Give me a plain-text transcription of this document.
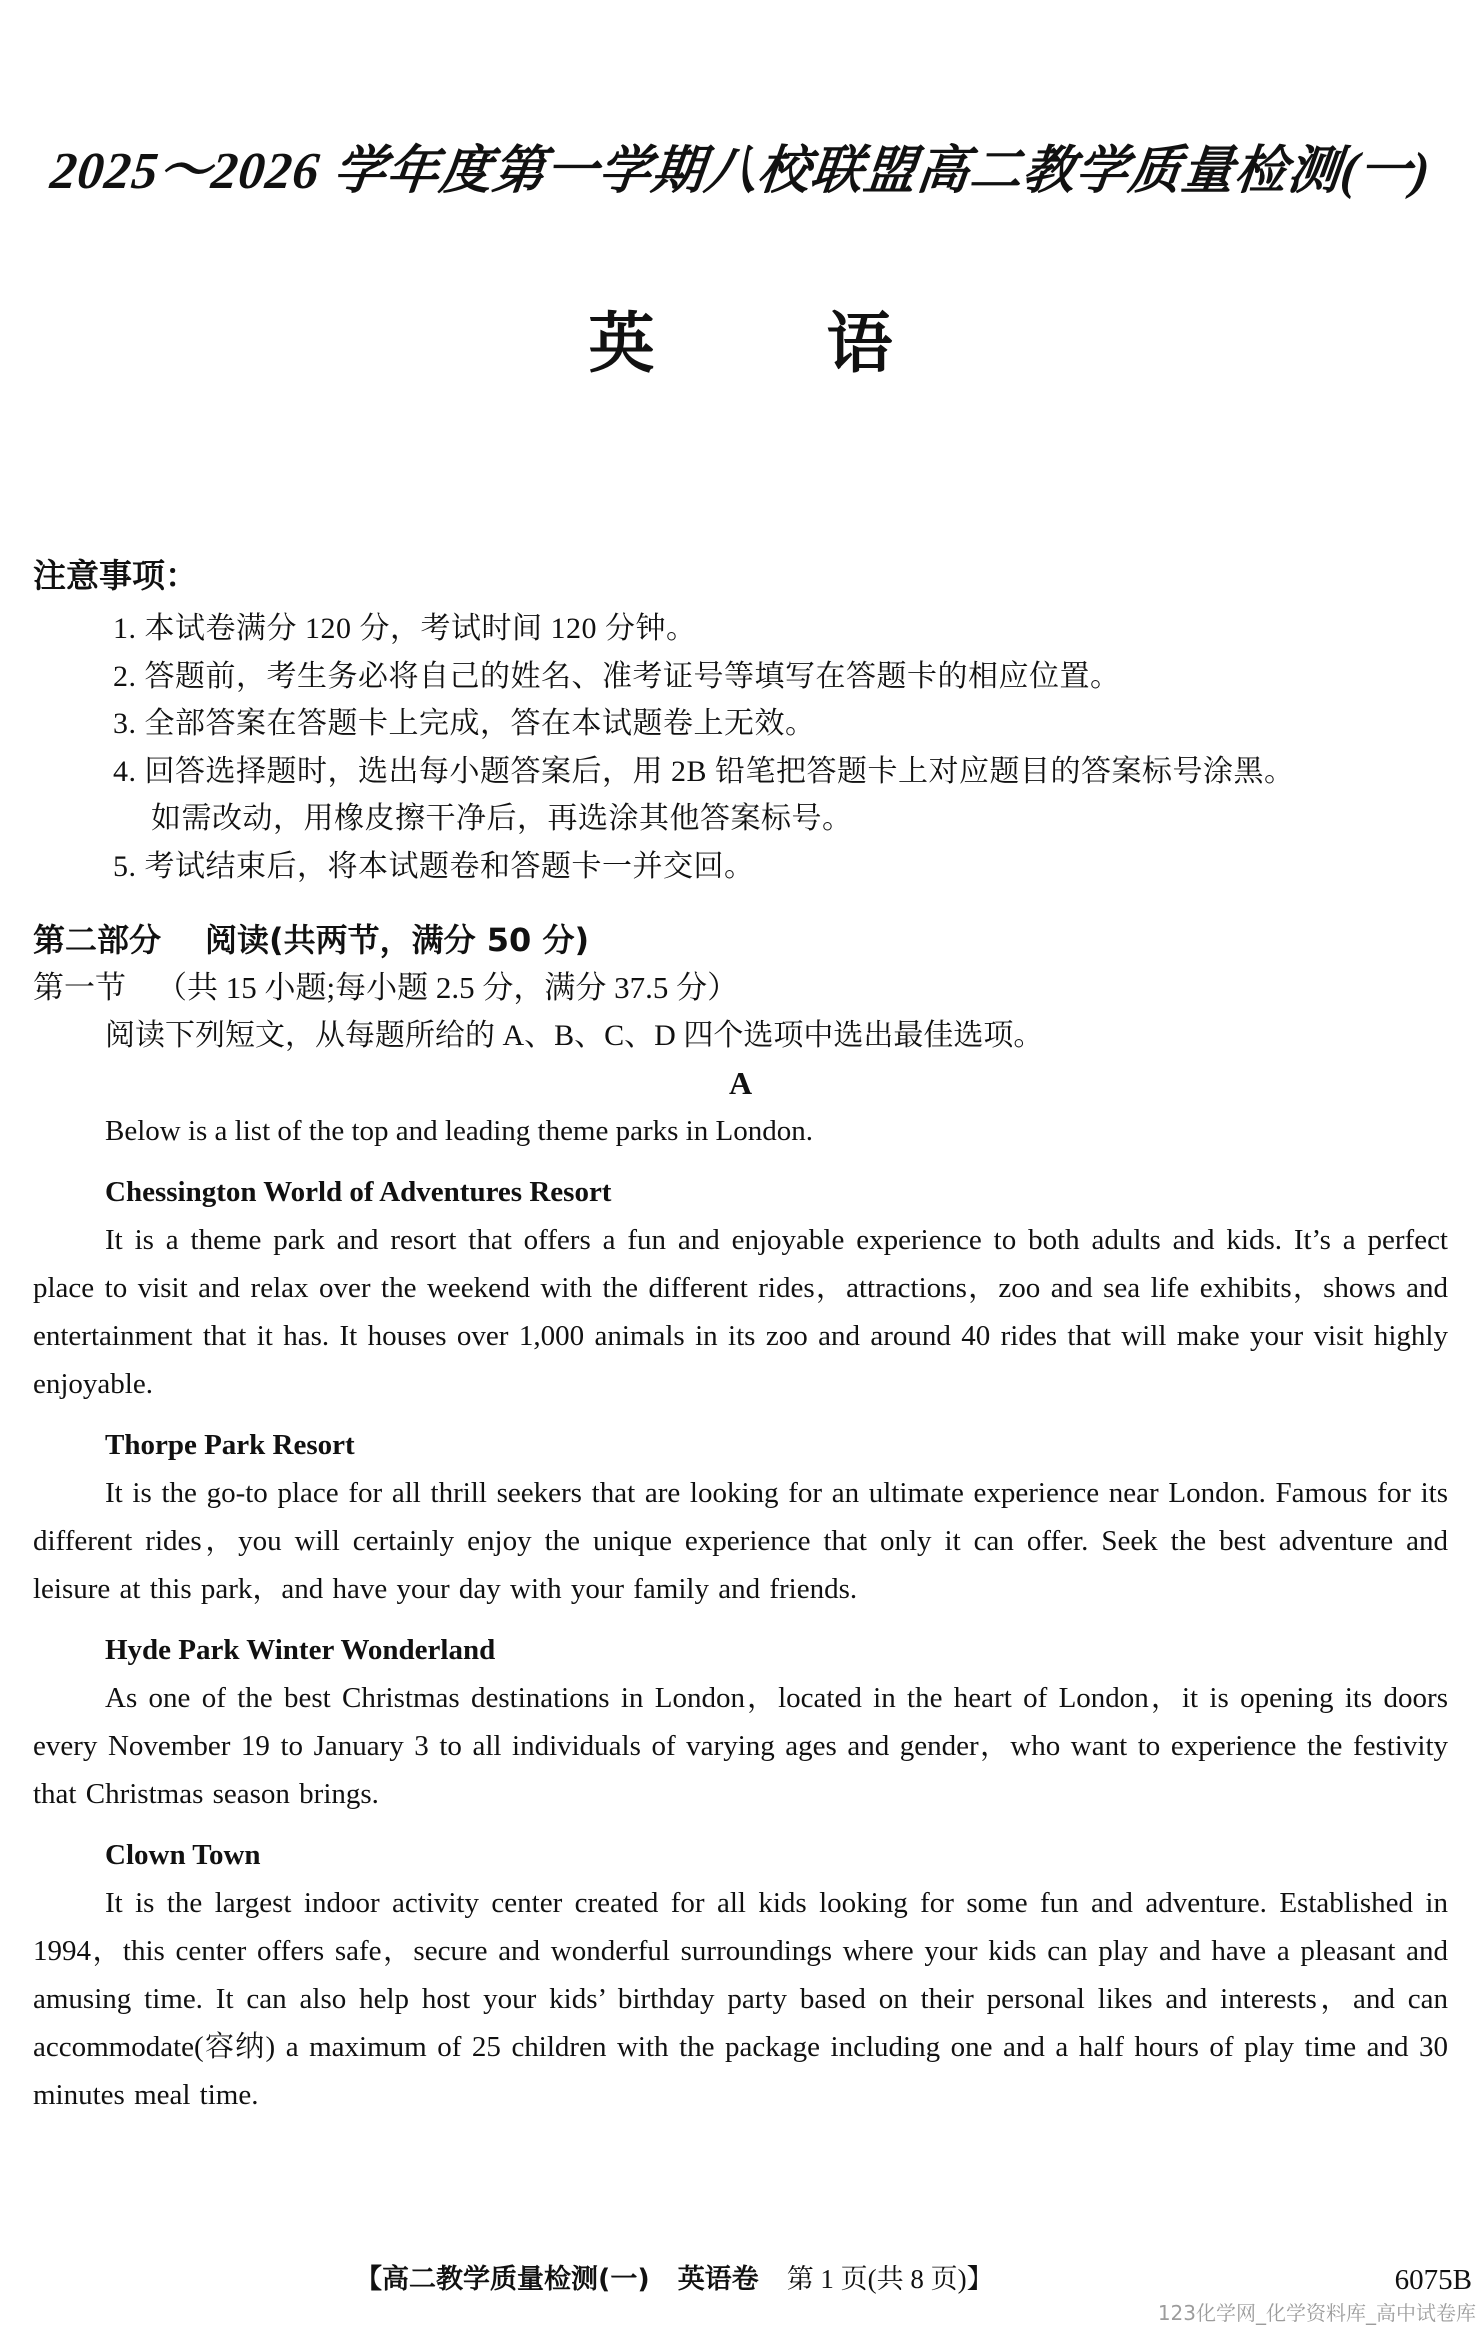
2025～2026 学年度第一学期八校联盟高二教学质量检测(一)
英	语
注意事项：
1. 本试卷满分 120 分，考试时间 120 分钟。
2. 答题前，考生务必将自己的姓名、准考证号等填写在答题卡的相应位置。
3. 全部答案在答题卡上完成，答在本试题卷上无效。
4. 回答选择题时，选出每小题答案后，用 2B 铅笔把答题卡上对应题目的答案标号涂黑。
如需改动，用橡皮擦干净后，再选涂其他答案标号。
5. 考试结束后，将本试题卷和答题卡一并交回。
第二部分 阅读(共两节，满分 50 分)
第一节 （共 15 小题;每小题 2.5 分，满分 37.5 分）
阅读下列短文，从每题所给的 A、B、C、D 四个选项中选出最佳选项。
A
Below is a list of the top and leading theme parks in London.
Chessington World of Adventures Resort
It is a theme park and resort that offers a fun and enjoyable experience to both adults and kids. It’s a perfect place to visit and relax over the weekend with the different rides，attractions，zoo and sea life exhibits，shows and entertainment that it has. It houses over 1,000 animals in its zoo and around 40 rides that will make your visit highly enjoyable.
Thorpe Park Resort
It is the go-to place for all thrill seekers that are looking for an ultimate experience near London. Famous for its different rides，you will certainly enjoy the unique experience that only it can offer. Seek the best adventure and leisure at this park，and have your day with your family and friends.
Hyde Park Winter Wonderland
As one of the best Christmas destinations in London，located in the heart of London，it is opening its doors every November 19 to January 3 to all individuals of varying ages and gender，who want to experience the festivity that Christmas season brings.
Clown Town
It is the largest indoor activity center created for all kids looking for some fun and adventure. Established in 1994，this center offers safe，secure and wonderful surroundings where your kids can play and have a pleasant and amusing time. It can also help host your kids’ birthday party based on their personal likes and interests，and can accommodate(容纳) a maximum of 25 children with the package including one and a half hours of play time and 30 minutes meal time.
【高二教学质量检测(一) 英语卷 第 1 页(共 8 页)】	6075B
123化学网_化学资料库_高中试卷库
